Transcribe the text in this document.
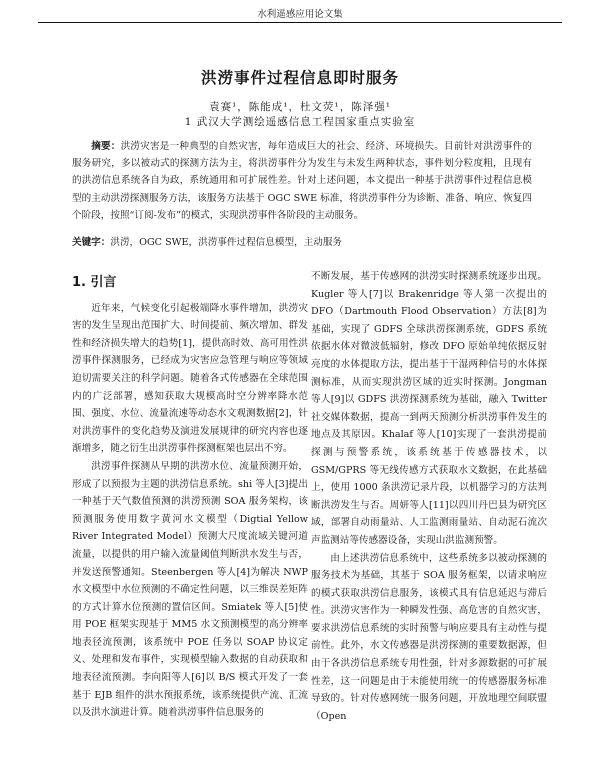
水利遥感应用论文集
洪涝事件过程信息即时服务
袁赛¹，陈能成¹，杜文荧¹，陈泽强¹
1 武汉大学测绘遥感信息工程国家重点实验室
摘要：洪涝灾害是一种典型的自然灾害，每年造成巨大的社会、经济、环境损失。目前针对洪涝事件的服务研究，多以被动式的探测方法为主，将洪涝事件分为发生与未发生两种状态，事件划分粒度粗，且现有的洪涝信息系统各自为政，系统通用和可扩展性差。针对上述问题，本文提出一种基于洪涝事件过程信息模型的主动洪涝探测服务方法，该服务方法基于 OGC SWE 标准，将洪涝事件分为诊断、准备、响应、恢复四个阶段，按照“订阅-发布”的模式，实现洪涝事件各阶段的主动服务。
关键字：洪涝，OGC SWE，洪涝事件过程信息模型，主动服务
1. 引言

近年来，气候变化引起极端降水事件增加，洪涝灾害的发生呈现出范围扩大、时间提前、频次增加、群发性和经济损失增大的趋势[1]，提供高时效、高可用性洪涝事件探测服务，已经成为灾害应急管理与响应等领域迫切需要关注的科学问题。随着各式传感器在全球范围内的广泛部署，感知获取大规模高时空分辨率降水范围、强度、水位、流量流速等动态水文观测数据[2]，针对洪涝事件的变化趋势及演进发展规律的研究内容也逐渐增多，随之衍生出洪涝事件探测框架也层出不穷。

洪涝事件探测从早期的洪涝水位、流量预测开始，形成了以预报为主题的洪涝信息系统。shi 等人[3]提出一种基于天气数值预测的洪涝预测 SOA 服务架构，该预测服务使用数字黄河水文模型（Digtial Yellow River Integrated Model）预测大尺度流域关键河道流量，以提供的用户输入流量阈值判断洪水发生与否，并发送预警通知。Steenbergen 等人[4]为解决 NWP 水文模型中水位预测的不确定性问题，以三维误差矩阵的方式计算水位预测的置信区间。Smiatek 等人[5]使用 POE 框架实现基于 MM5 水文预测模型的高分辨率地表径流预测，该系统中 POE 任务以 SOAP 协议定义、处理和发布事件，实现模型输入数据的自动获取和地表径流预测。李向阳等人[6]以 B/S 模式开发了一套基于 EJB 组件的洪水预报系统，该系统提供产流、汇流以及洪水演进计算。随着洪涝事件信息服务的

不断发展，基于传感网的洪涝实时探测系统逐步出现。Kugler 等人[7]以 Brakenridge 等人第一次提出的 DFO（Dartmouth Flood Observation）方法[8]为基础，实现了 GDFS 全球洪涝探测系统，GDFS 系统依据水体对微波低辐射，修改 DFO 原始单纯依据反射亮度的水体提取方法，提出基于干湿两种信号的水体探测标准，从而实现洪涝区域的近实时探测。Jongman 等人[9]以 GDFS 洪涝探测系统为基础，融入 Twitter 社交媒体数据，提高一到两天预测分析洪涝事件发生的地点及其原因。Khalaf 等人[10]实现了一套洪涝提前探测与预警系统，该系统基于传感器技术，以 GSM/GPRS 等无线传感方式获取水文数据，在此基础上，使用 1000 条洪涝记录片段，以机器学习的方法判断洪涝发生与否。周妍等人[11]以四川丹巴县为研究区域，部署自动雨量站、人工监测雨量站、自动泥石流次声监测站等传感器设备，实现山洪监测预警。

由上述洪涝信息系统中，这些系统多以被动探测的服务技术为基础，其基于 SOA 服务框架，以请求响应的模式获取洪涝信息服务，该模式具有信息延迟与滞后性。洪涝灾害作为一种瞬发性强、高危害的自然灾害，要求洪涝信息系统的实时预警与响应要具有主动性与提前性。此外，水文传感器是洪涝探测的重要数据源，但由于各洪涝信息系统专用性强，针对多源数据的可扩展性差，这一问题是由于未能使用统一的传感器服务标准导致的。针对传感网统一服务问题，开放地理空间联盟（Open
